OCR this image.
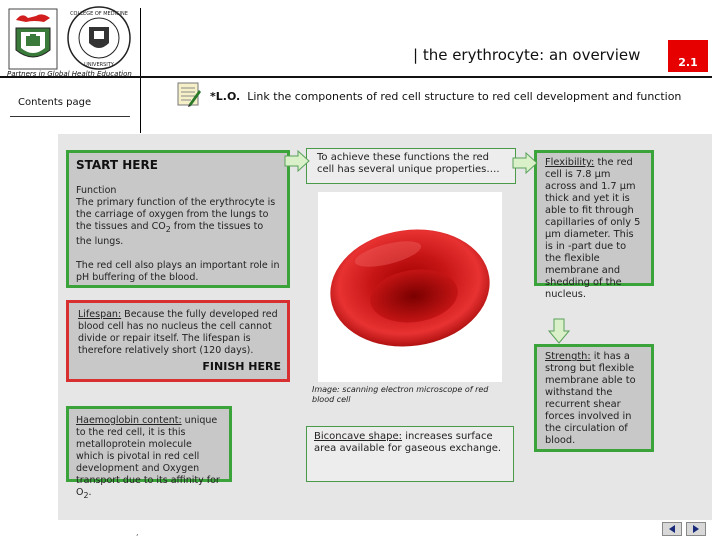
COLLEGE OF MEDICINE
UNIVERSITY
| the erythrocyte: an overview	2.1
Partners in Global Health Education
Contents page	*L.O. Link the components of red cell structure to red cell development and function
START HERE
Function
The primary function of the erythrocyte is the carriage of oxygen from the lungs to the tissues and $CO_2$ from the tissues to the lungs.
The red cell also plays an important role in pH buffering of the blood.
Lifespan: Because the fully developed red blood cell has no nucleus the cell cannot divide or repair itself. The lifespan is therefore relatively short (120 days).
FINISH HERE
Haemoglobin content: unique to the red cell, it is this metalloprotein molecule which is pivotal in red cell development and Oxygen transport due to its affinity for $O_2$.
To achieve these functions the red cell has several unique properties….
Image: scanning electron microscope of red blood cell
Biconcave shape: increases surface area available for gaseous exchange.
Flexibility: the red cell is 7.8 μm across and 1.7 μm thick and yet it is able to fit through capillaries of only 5 μm diameter. This is in -part due to the flexible membrane and shedding of the nucleus.
Strength: it has a strong but flexible membrane able to withstand the recurrent shear forces involved in the circulation of blood.
,
